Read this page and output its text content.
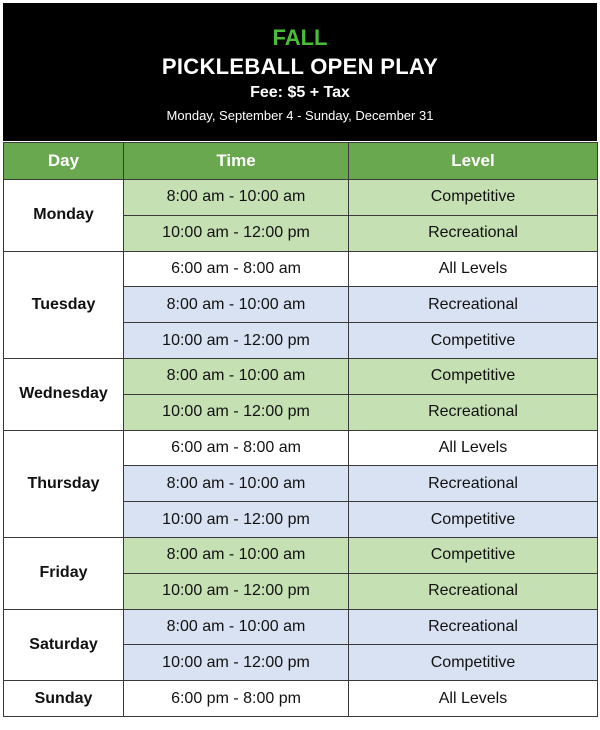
FALL
PICKLEBALL OPEN PLAY
Fee: $5 + Tax
Monday, September 4 - Sunday, December 31
Day	Time	Level
Monday	8:00 am - 10:00 am	Competitive
	10:00 am - 12:00 pm	Recreational
Tuesday	6:00 am - 8:00 am	All Levels
	8:00 am - 10:00 am	Recreational
	10:00 am - 12:00 pm	Competitive
Wednesday	8:00 am - 10:00 am	Competitive
	10:00 am - 12:00 pm	Recreational
Thursday	6:00 am - 8:00 am	All Levels
	8:00 am - 10:00 am	Recreational
	10:00 am - 12:00 pm	Competitive
Friday	8:00 am - 10:00 am	Competitive
	10:00 am - 12:00 pm	Recreational
Saturday	8:00 am - 10:00 am	Recreational
	10:00 am - 12:00 pm	Competitive
Sunday	6:00 pm - 8:00 pm	All Levels
